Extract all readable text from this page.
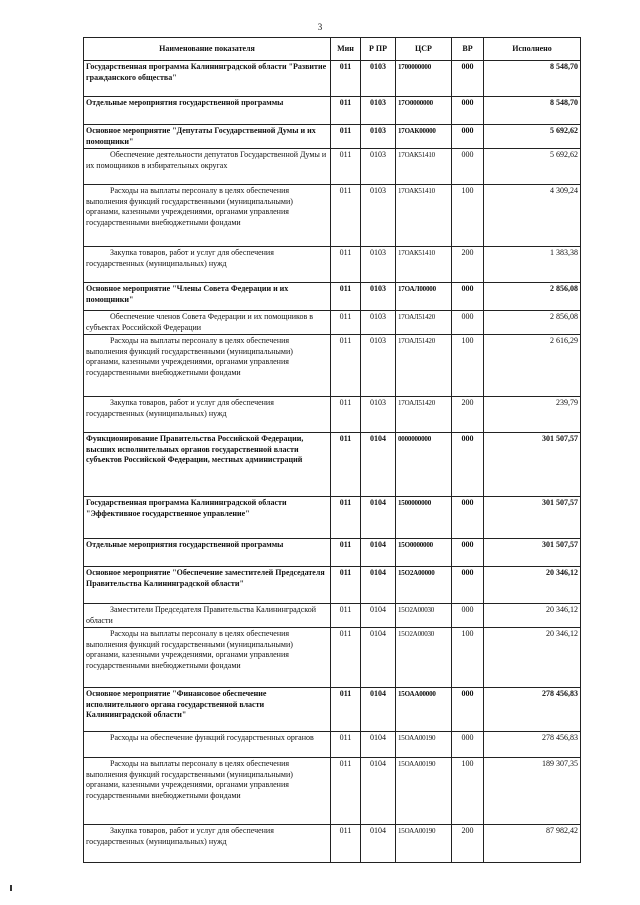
3
Наименование показателя	Мин	Р ПР	ЦСР	ВР	Исполнено
Государственная программа Калининградской области "Развитие гражданского общества"	011	0103	1700000000	000	8 548,70
Отдельные мероприятия государственной программы	011	0103	17О0000000	000	8 548,70
Основное мероприятие "Депутаты Государственной Думы и их помощники"	011	0103	17ОАК00000	000	5 692,62
Обеспечение деятельности депутатов Государственной Думы и их помощников в избирательных округах	011	0103	17ОАК51410	000	5 692,62
Расходы на выплаты персоналу в целях обеспечения выполнения функций государственными (муниципальными) органами, казенными учреждениями, органами управления государственными внебюджетными фондами	011	0103	17ОАК51410	100	4 309,24
Закупка товаров, работ и услуг для обеспечения государственных (муниципальных) нужд	011	0103	17ОАК51410	200	1 383,38
Основное мероприятие "Члены Совета Федерации и их помощники"	011	0103	17ОАЛ00000	000	2 856,08
Обеспечение членов Совета Федерации и их помощников в субъектах Российской Федерации	011	0103	17ОАЛ51420	000	2 856,08
Расходы на выплаты персоналу в целях обеспечения выполнения функций государственными (муниципальными) органами, казенными учреждениями, органами управления государственными внебюджетными фондами	011	0103	17ОАЛ51420	100	2 616,29
Закупка товаров, работ и услуг для обеспечения государственных (муниципальных) нужд	011	0103	17ОАЛ51420	200	239,79
Функционирование Правительства Российской Федерации, высших исполнительных органов государственной власти субъектов Российской Федерации, местных администраций	011	0104	0000000000	000	301 507,57
Государственная программа Калининградской области "Эффективное государственное управление"	011	0104	1500000000	000	301 507,57
Отдельные мероприятия государственной программы	011	0104	15О0000000	000	301 507,57
Основное мероприятие "Обеспечение заместителей Председателя Правительства Калининградской области"	011	0104	15О2А00000	000	20 346,12
Заместители Председателя Правительства Калининградской области	011	0104	15О2А00030	000	20 346,12
Расходы на выплаты персоналу в целях обеспечения выполнения функций государственными (муниципальными) органами, казенными учреждениями, органами управления государственными внебюджетными фондами	011	0104	15О2А00030	100	20 346,12
Основное мероприятие "Финансовое обеспечение исполнительного органа государственной власти Калининградской области"	011	0104	15ОАА00000	000	278 456,83
Расходы на обеспечение функций государственных органов	011	0104	15ОАА00190	000	278 456,83
Расходы на выплаты персоналу в целях обеспечения выполнения функций государственными (муниципальными) органами, казенными учреждениями, органами управления государственными внебюджетными фондами	011	0104	15ОАА00190	100	189 307,35
Закупка товаров, работ и услуг для обеспечения государственных (муниципальных) нужд	011	0104	15ОАА00190	200	87 982,42
